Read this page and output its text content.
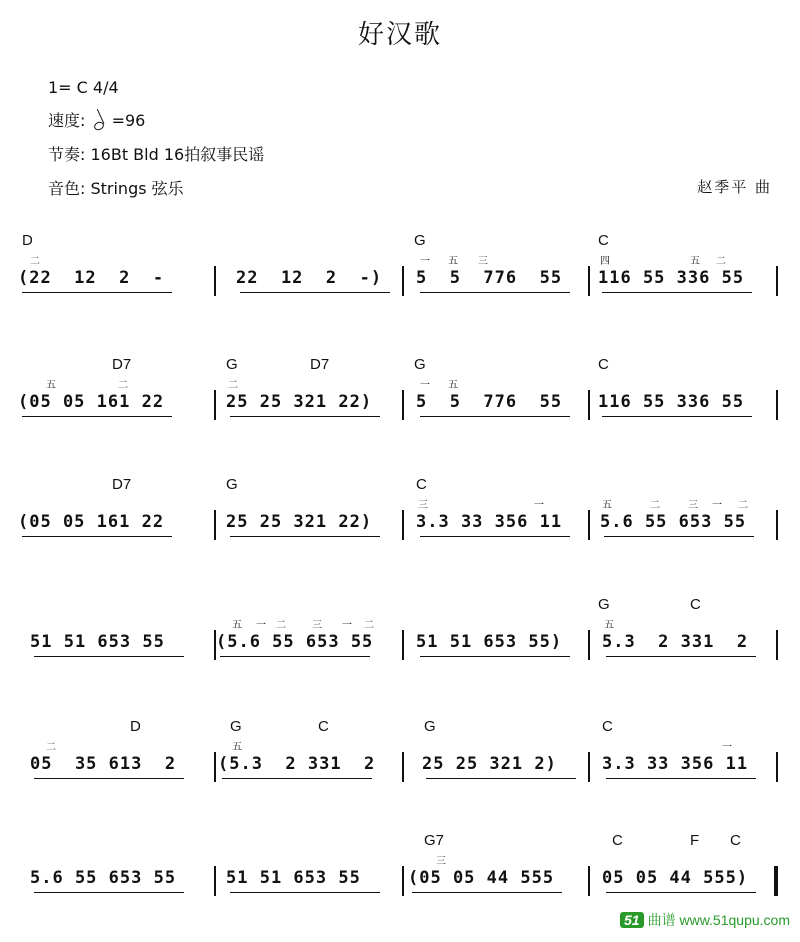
好汉歌
1= C 4/4
速度: =96
节奏: 16Bt Bld 16拍叙事民谣
音色: Strings 弦乐	赵季平 曲
D	G	C
二	一 五 三	四	五 二
(22  12  2  -	22  12  2  -) 5  5  776  55 116 55 336 55
D7	G	D7	G	C
五	二	二	一 五
(05 05 161 22	25 25 321 22)	5  5  776  55 116 55 336 55
D7	G	C
三	一	五	二	三 一 二
(05 05 161 22	25 25 321 22)	3.3 33 356 11 5.6 55 653 55
G	C
五 一 二	三 一 二	五
51 51 653 55	(5.6 55 653 55	51 51 653 55) 5.3  2 331  2
D	G	C	G	C
二	五	一
05  35 613  2 (5.3  2 331  2	25 25 321 2)	3.3 33 356 11
G7	C	F C
三
5.6 55 653 55	51 51 653 55	(05 05 44 555	05 05 44 555)
51 曲谱 www.51qupu.com
